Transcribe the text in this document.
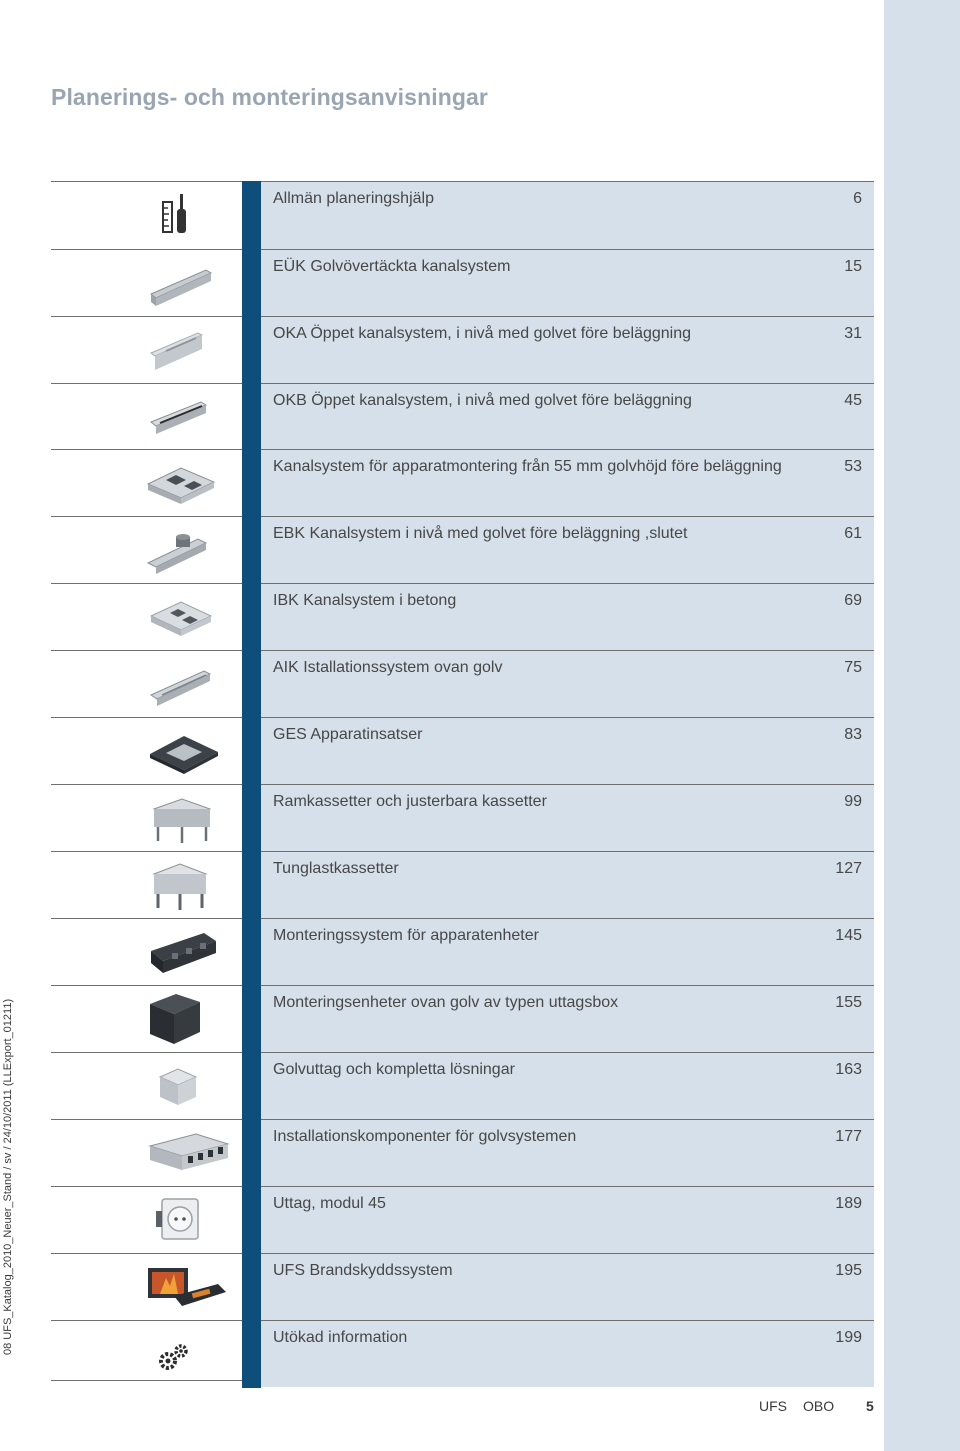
Planerings- och monteringsanvisningar
Allmän planeringshjälp	6
EÜK Golvövertäckta kanalsystem	15
OKA Öppet kanalsystem, i nivå med golvet före beläggning	31
OKB Öppet kanalsystem, i nivå med golvet före beläggning	45
Kanalsystem för apparatmontering från 55 mm golvhöjd före beläggning	53
EBK Kanalsystem i nivå med golvet före beläggning ,slutet	61
IBK Kanalsystem i betong	69
AIK Istallationssystem ovan golv	75
GES Apparatinsatser	83
Ramkassetter och justerbara kassetter	99
Tunglastkassetter	127
Monteringssystem för apparatenheter	145
Monteringsenheter ovan golv av typen uttagsbox	155
Golvuttag och kompletta lösningar	163
Installationskomponenter för golvsystemen	177
Uttag, modul 45	189
UFS Brandskyddssystem	195
Utökad information	199
08 UFS_Katalog_2010_Neuer_Stand / sv / 24/10/2011 (LLExport_01211)
UFS OBO 5
